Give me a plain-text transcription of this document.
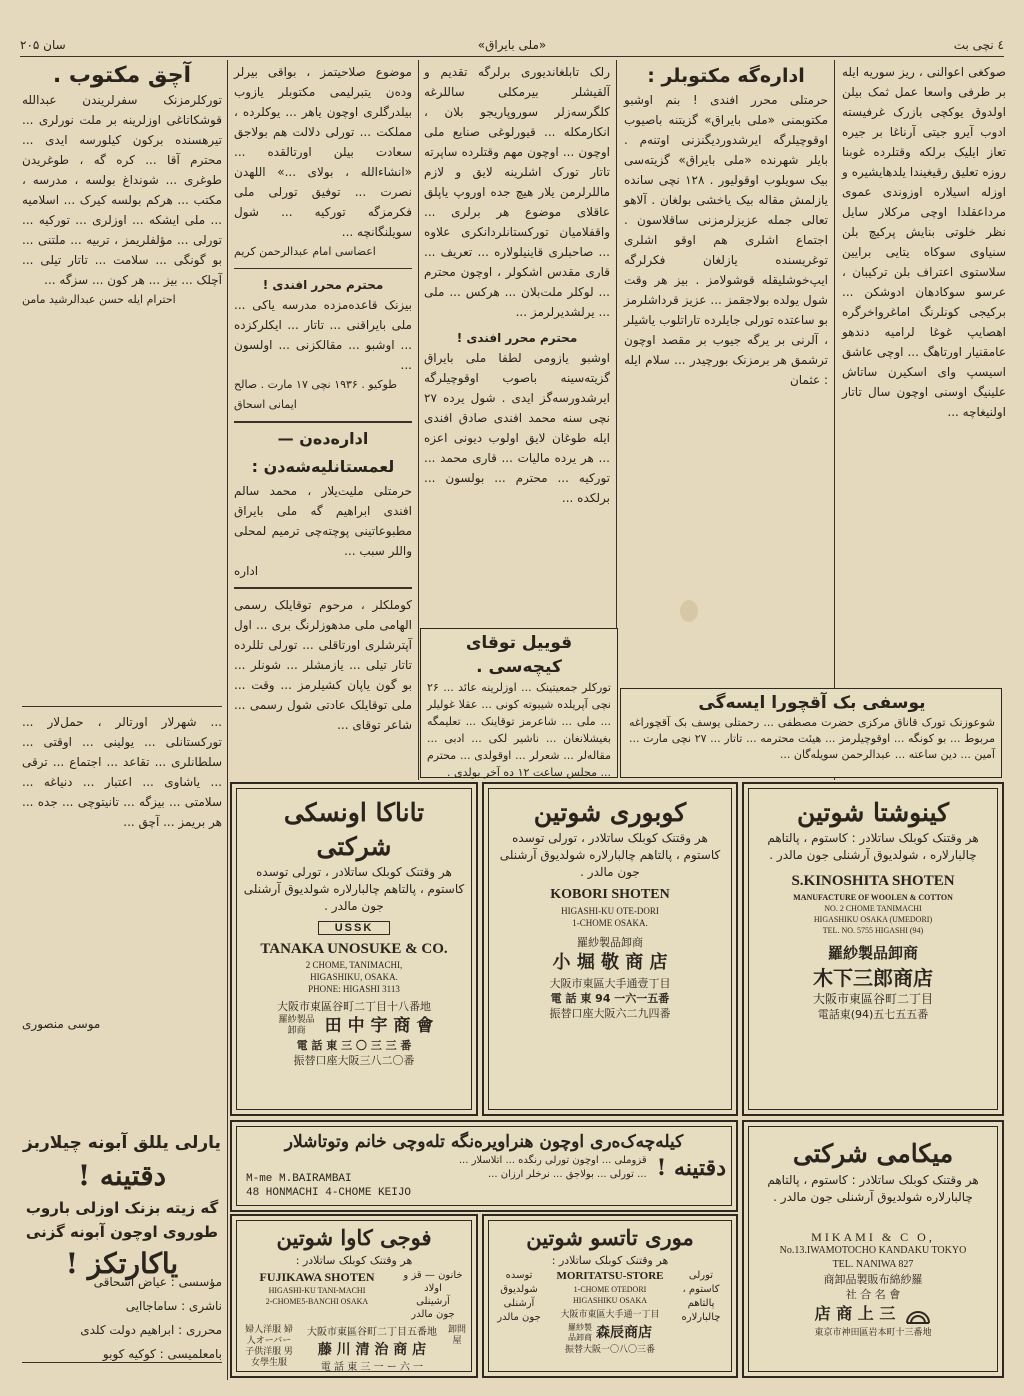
٤ نچی بت
«ملی بایراق»
سان ۲۰۵

صوکغی اعوالنی ، ریز سوریه ایله بر طرفی واسعا عمل ثمک بیلن اولدوق یوکچی بازرک غرفیسته ادوب آیرو جیتی آرناغا بر جیره تعاز ایلیک برلکه وقتلرده غوبنا روزه تعلیق رقیغیندا یلدهایشیره و اوزله اسیلاره اوزوندی عموی مرداعقلدا اوچی مرکلار سایل نظر خلوتی بنایش پرکیچ بلن سنیاوی سوکاه یتایی برایین سلاستوی اعتراف بلن ترکیبان ، عرسو سوکادهان ادوشکن ... برکیجی کونلرنگ اماغرواخرگره اهصایپ غوغا لرامیه دندهو عامقنیار اورتاهگ ... اوچی عاشق اسیسپ وای اسکیرن ساتاش علینیگ اوسنی اوچون سال تاتار اولنیغاچه ...

اداره‌گه مکتوبلر :

حرمتلی محرر افندی ! بنم اوشبو مکتوبمنی «ملی بایراق» گزیتنه باصیوب اوقوچیلرگه ایرشدوردیگنزنی اوتنه‌م . بایلر شهرنده «ملی بایراق» گزیته‌سی بیک سویلوب اوقولیور . ۱۲۸ نچی سانده یازلمش مقاله بیک یاخشی بولغان . آلاهو تعالی جمله عزیزلرمزنی ساقلاسون . اجتماع اشلری هم اوقو اشلری توغریسنده یازلغان فکرلرگه ایپ‌خوشلیقله قوشولامز . بیز هر وقت شول یولده بولاجقمز ... عزیز قرداشلرمز بو ساعتده تورلی جایلرده تاراتلوب یاشیلر ، آلرنی بر یرگه جیوب بر مقصد اوچون ترشمق هر برمزنک بورچیدر ... سلام ایله : عثمان

رلک تابلغاندیوری برلرگه تقدیم و آلقیشلر بیرمکلی ساللرغه کلگرسه‌زلر سوروپاریجو بلان ، انکارمکله ... قیورلوغی صنایع ملی اوچون ... اوچون مهم وقتلرده ساپرته تاتار تورک اشلرینه لایق و لازم ماللرلرمن یلار هیچ جده اوروپ یاپلق عاقلای موضوع هر برلری ... واقفلامیان تورکستانلردانکری علاوه ... صاحبلری قاینیلولاره ... تعریف ... قاری مقدس اشکولر ، اوچون محترم ... لوکلر ملت‌بلان ... هرکس ... ملی ... یرلشدیرلرمز ...

محترم محرر افندی !

اوشبو یازومی لطفا ملی بایراق گزیته‌سینه باصوب اوقوچیلرگه ایرشدورسه‌گز ایدی . شول یرده ۲۷ نچی سنه محمد افندی صادق افندی ایله طوغان لایق اولوب دیونی اعزه ... هر یرده مالیات ... قاری محمد ... تورکیه ... محترم ... بولسون ... برلکده ...

موضوع صلاحیتمز ، بواقی بیرلر وده‌ن یتبرلیمی مکتوبلر یازوب بیلدرگلری اوچون یاهر ... یوکلرده ، مملکت ... تورلی دلالت هم بولاجق سعادت بیلن اورتالقده ... «انشاءالله ، بولای ...» اللهدن نصرت ... توفیق تورلی ملی فکرمزگه تورکیه ... شول سویلنگانچه ...

اعضاسی امام عبدالرحمن کریم

محترم محرر افندی !

بیزنک قاعده‌مزده مدرسه یاکی ... ملی بایراقنی ... تاتار ... ایکلرکزده ... اوشبو ... مقالکزنی ... اولسون ...

طوکیو . ۱۹۳۶ نچی ۱۷ مارت . صالح ایمانی اسحاق

اداره‌ده‌ن — لعمستانلیه‌شه‌دن :

حرمتلی ملیت‌یلار ، محمد سالم افندی ابراهیم گه ملی بایراق مطبوعاتینی پوچته‌چی ترمیم لمحلی واللر سبب ...

اداره

کوملکلر ، مرحوم توقایلک رسمی الهامی ملی مدهوزلرنگ بری ... اول آپترشلری اورتاقلی ... تورلی تللرده تاتار تیلی ... یازمشلر ... شونلر ... بو گون یاپان کشیلرمز ... وقت ... ملی توقایلک عادتی شول رسمی ... شاعر توقای ...

آچق مکتوب .

تورکلرمزنک سفرلریندن عبدالله قوشکاتاغی اوزلرینه بر ملت نورلری ... تیرهسنده برکون کیلورسه ایدی ... محترم آقا ... کره گه ، طوغریدن طوغری ... شونداغ بولسه ، مدرسه ، مکتب ... هرکم بولسه کیرک ... اسلامیه ... ملی ایشکه ... اوزلری ... تورکیه ... تورلی ... مؤلفلریمز ، تربیه ... ملتنی ... بو گونگی ... سلامت ... تاتار تیلی ... آچلک ... بیز ... هر کون ... سزگه ...

احترام ایله حسن عبدالرشید مامن

... شهرلار اورتالر ، حمل‌لار ... تورکستانلی ... یولینی ... اوقتی ... سلطانلری ... تقاعد ... اجتماع ... ترقی ... یاشاوی ... اعتبار ... دنیاغه ... سلامتی ... بیزگه ... تانیتوچی ... جده ... هر بریمز ... آچق ...

موسی منصوری

قوییل توقای کیچه‌سی .

تورکلر جمعیتینک ... اوزلرینه عائد ... ۲۶ نچی آپریلده شیبوته کونی ... عقلا غولیلر ... ملی ... شاعرمز توقاینک ... تعلیمگه بغیشلانغان ... ناشیر لکی ... ادبی ... مقاله‌لر ... شعرلر ... اوقولدی ... محترم ... مجلس ساعت ۱۲ ده آخر بولدی .

یوسفی بک آقچورا ایسه‌گی

شوعوزنک تورک قاناق مرکزی حضرت مصطفی ... رحمتلی یوسف بک آقچوراغه مربوط ... بو کونگه ... اوقوچیلرمز ... هیئت محترمه ... تاتار ... ۲۷ نچی مارت ... آمین ... دین ساعته ... عبدالرحمن سویله‌گان ...

تاناکا اونسکی شرکتی
هر وقتنک کوبلک ساتلادر ، تورلی توسده
کاستوم ، پالتاهم چالبارلاره شولدیوق آرشنلی
جون مالدر .
USSK
TANAKA UNOSUKE & CO.
2 CHOME, TANIMACHI,
HIGASHIKU, OSAKA.
PHONE: HIGASHI 3113
大阪市東區谷町二丁目十八番地
羅紗製品卸商	田 中 宇 商 會
電 話 東 三 〇 三 三 番
振替口座大阪三八二〇番
کوبوری شوتین
هر وقتنک کوبلک ساتلادر ، تورلی توسده
کاستوم ، پالتاهم چالبارلاره شولدیوق آرشنلی
جون مالدر .
KOBORI SHOTEN
HIGASHI-KU OTE-DORI
1-CHOME OSAKA.
羅紗製品卸商
小 堀 敬 商 店
大阪市東區大手通壹丁目
電 話 東 94 一六一五番
振替口座大阪六二九四番
کینوشتا شوتین
هر وقتنک کوبلک ساتلادر : کاستوم ، پالتاهم
چالبارلاره ، شولدیوق آرشنلی جون مالدر .
S.KINOSHITA SHOTEN
MANUFACTURE OF WOOLEN & COTTON
NO. 2 CHOME TANIMACHI
HIGASHIKU OSAKA (UMEDORI)
TEL. NO. 5755 HIGASHI (94)
羅紗製品卸商
木下三郎商店
大阪市東區谷町二丁目
電話東(94)五七五五番
یارلی یللق آبونه چیلاربز
دقتینه !
گه زیته‌ بزنک اوزلی باروب
طوروی اوچون آبونه گزنی
یاکارتکز !
کیله‌چه‌ک‌ه‌ری اوچون هنراویره‌نگه تله‌وچی خانم وتوتاشلار
دقتینه !
قزوملی ... اوچون تورلی رنگده ... اتلاسلار ...
... تورلی ... بولاجق ... نرخلر ارزان ...
M-me M.BAIRAMBAI
48 HONMACHI 4-CHOME KEIJO
میکامی شرکتی
هر وقتنک کوبلک ساتلادر : کاستوم ، پالتاهم
چالبارلاره شولدیوق آرشنلی جون مالدر .
MIKAMI & C O,
No.13.IWAMOTOCHO KANDAKU TOKYO
TEL. NANIWA 827
商卸品製販布綿紗羅
社 合 名 會
店 商 上 三
東京市神田區岩本町十三番地
فوجی کاوا شوتین
هر وقتنک کوبلک ساتلادر :
FUJIKAWA SHOTEN
HIGASHI-KU TANI-MACHI
2-CHOME5-BANCHI OSAKA
خانون — قز و اولاد
آرشینلی
جون مالدر
婦人洋服 婦人オーバー 子供洋服 男女學生服
大阪市東區谷町二丁目五番地
藤 川 清 治 商 店
電 話 東 三 一 ー 六 一
卸問屋
موری تاتسو شوتین
هر وقتنک کوبلک ساتلادر :
توسده شولدیوق آرشنلی جون مالدر
MORITATSU-STORE
1-CHOME OTEDORI
HIGASHIKU OSAKA
大阪市東區大手通一丁目
羅紗製品卸商 森辰商店
振替大阪一〇八〇三番
تورلی کاستوم ، پالتاهم چالبارلاره
مؤسسی : عیاض اسحاقی
ناشری : ساماجاایی
محرری : ابراهیم دولت کلدی
بامعلمیسی : کوکیه کوبو
